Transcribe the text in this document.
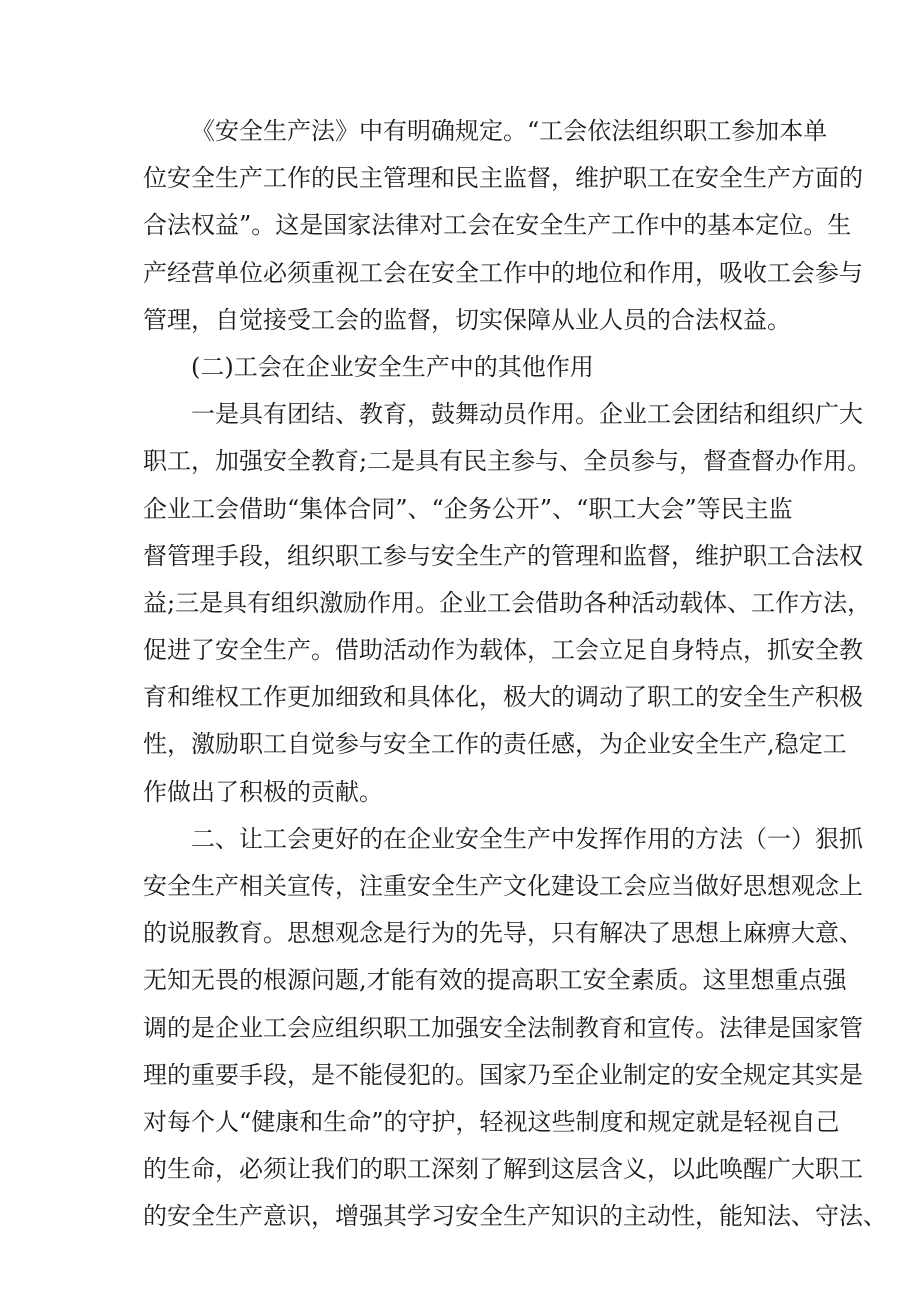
《安全生产法》中有明确规定。“工会依法组织职工参加本单
位安全生产工作的民主管理和民主监督，维护职工在安全生产方面的
合法权益”。这是国家法律对工会在安全生产工作中的基本定位。生
产经营单位必须重视工会在安全工作中的地位和作用，吸收工会参与
管理，自觉接受工会的监督，切实保障从业人员的合法权益。
(二)工会在企业安全生产中的其他作用
一是具有团结、教育，鼓舞动员作用。企业工会团结和组织广大
职工，加强安全教育;二是具有民主参与、全员参与，督查督办作用。
企业工会借助“集体合同”、“企务公开”、“职工大会”等民主监
督管理手段，组织职工参与安全生产的管理和监督，维护职工合法权
益;三是具有组织激励作用。企业工会借助各种活动载体、工作方法，
促进了安全生产。借助活动作为载体，工会立足自身特点，抓安全教
育和维权工作更加细致和具体化，极大的调动了职工的安全生产积极
性，激励职工自觉参与安全工作的责任感，为企业安全生产,稳定工
作做出了积极的贡献。
二、让工会更好的在企业安全生产中发挥作用的方法（一）狠抓
安全生产相关宣传，注重安全生产文化建设工会应当做好思想观念上
的说服教育。思想观念是行为的先导，只有解决了思想上麻痹大意、
无知无畏的根源问题,才能有效的提高职工安全素质。这里想重点强
调的是企业工会应组织职工加强安全法制教育和宣传。法律是国家管
理的重要手段，是不能侵犯的。国家乃至企业制定的安全规定其实是
对每个人“健康和生命”的守护，轻视这些制度和规定就是轻视自己
的生命，必须让我们的职工深刻了解到这层含义，以此唤醒广大职工
的安全生产意识，增强其学习安全生产知识的主动性，能知法、守法、
